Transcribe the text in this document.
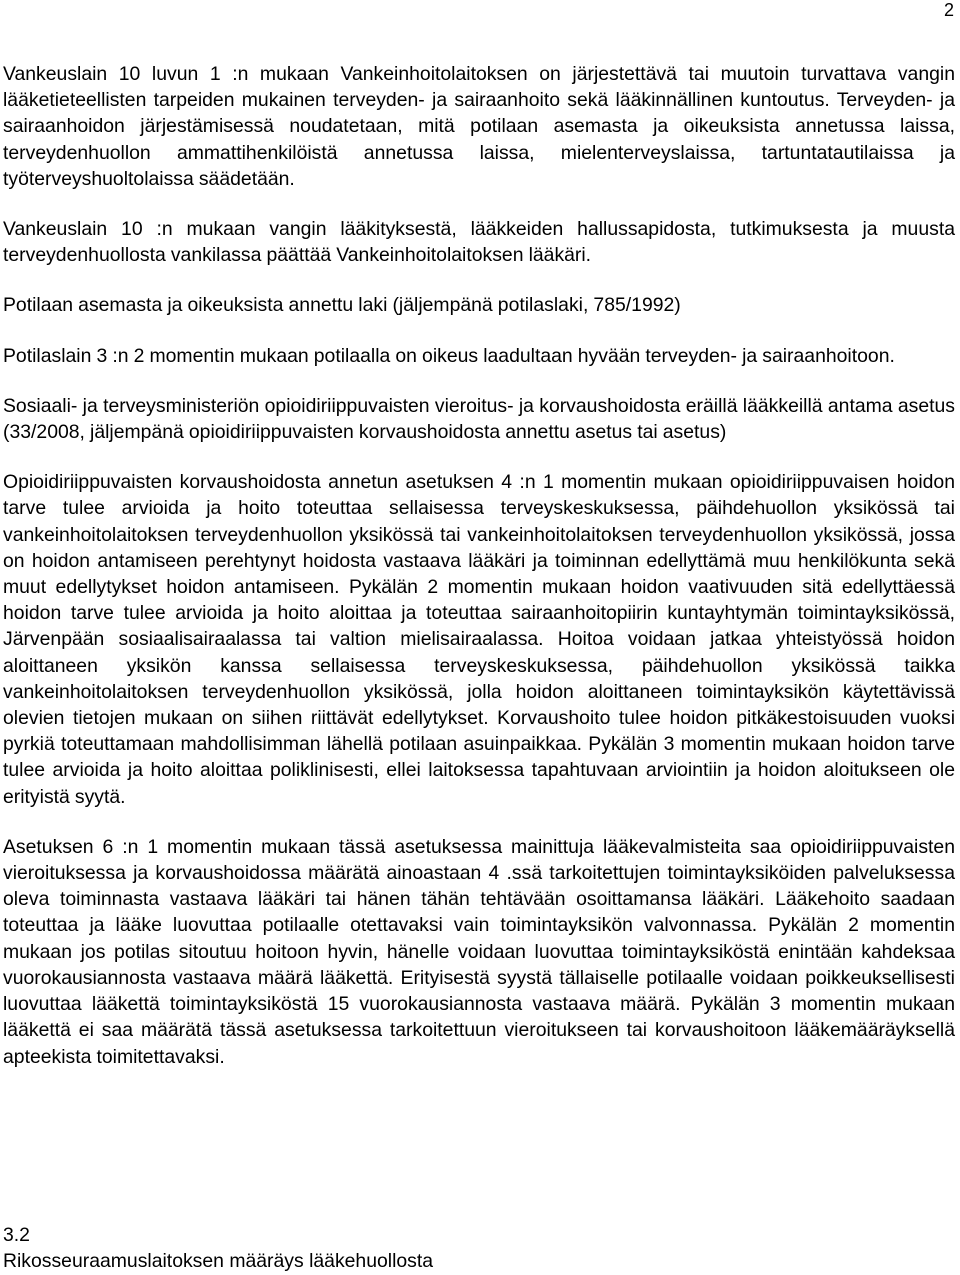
2

Vankeuslain 10 luvun 1 :n mukaan Vankeinhoitolaitoksen on järjestettävä tai muutoin turvattava vangin lääketieteellisten tarpeiden mukainen terveyden- ja sairaanhoito sekä lääkinnällinen kuntoutus. Terveyden- ja sairaanhoidon järjestämisessä noudatetaan, mitä potilaan asemasta ja oikeuksista annetussa laissa, terveydenhuollon ammattihenkilöistä annetussa laissa, mielenterveyslaissa, tartuntatautilaissa ja työterveyshuoltolaissa säädetään.

Vankeuslain 10 :n mukaan vangin lääkityksestä, lääkkeiden hallussapidosta, tutkimuksesta ja muusta terveydenhuollosta vankilassa päättää Vankeinhoitolaitoksen lääkäri.

Potilaan asemasta ja oikeuksista annettu laki (jäljempänä potilaslaki, 785/1992)

Potilaslain 3 :n 2 momentin mukaan potilaalla on oikeus laadultaan hyvään terveyden- ja sairaanhoitoon.

Sosiaali- ja terveysministeriön opioidiriippuvaisten vieroitus- ja korvaushoidosta eräillä lääkkeillä antama asetus (33/2008, jäljempänä opioidiriippuvaisten korvaushoidosta annettu asetus tai asetus)

Opioidiriippuvaisten korvaushoidosta annetun asetuksen 4 :n 1 momentin mukaan opioidiriippuvaisen hoidon tarve tulee arvioida ja hoito toteuttaa sellaisessa terveyskeskuksessa, päihdehuollon yksikössä tai vankeinhoitolaitoksen terveydenhuollon yksikössä tai vankeinhoitolaitoksen terveydenhuollon yksikössä, jossa on hoidon antamiseen perehtynyt hoidosta vastaava lääkäri ja toiminnan edellyttämä muu henkilökunta sekä muut edellytykset hoidon antamiseen. Pykälän 2 momentin mukaan hoidon vaativuuden sitä edellyttäessä hoidon tarve tulee arvioida ja hoito aloittaa ja toteuttaa sairaanhoitopiirin kuntayhtymän toimintayksikössä, Järvenpään sosiaalisairaalassa tai valtion mielisairaalassa. Hoitoa voidaan jatkaa yhteistyössä hoidon aloittaneen yksikön kanssa sellaisessa terveyskeskuksessa, päihdehuollon yksikössä taikka vankeinhoitolaitoksen terveydenhuollon yksikössä, jolla hoidon aloittaneen toimintayksikön käytettävissä olevien tietojen mukaan on siihen riittävät edellytykset. Korvaushoito tulee hoidon pitkäkestoisuuden vuoksi pyrkiä toteuttamaan mahdollisimman lähellä potilaan asuinpaikkaa. Pykälän 3 momentin mukaan hoidon tarve tulee arvioida ja hoito aloittaa poliklinisesti, ellei laitoksessa tapahtuvaan arviointiin ja hoidon aloitukseen ole erityistä syytä.

Asetuksen 6 :n 1 momentin mukaan tässä asetuksessa mainittuja lääkevalmisteita saa opioidiriippuvaisten vieroituksessa ja korvaushoidossa määrätä ainoastaan 4 .ssä tarkoitettujen toimintayksiköiden palveluksessa oleva toiminnasta vastaava lääkäri tai hänen tähän tehtävään osoittamansa lääkäri. Lääkehoito saadaan toteuttaa ja lääke luovuttaa potilaalle otettavaksi vain toimintayksikön valvonnassa. Pykälän 2 momentin mukaan jos potilas sitoutuu hoitoon hyvin, hänelle voidaan luovuttaa toimintayksiköstä enintään kahdeksaa vuorokausiannosta vastaava määrä lääkettä. Erityisestä syystä tällaiselle potilaalle voidaan poikkeuksellisesti luovuttaa lääkettä toimintayksiköstä 15 vuorokausiannosta vastaava määrä. Pykälän 3 momentin mukaan lääkettä ei saa määrätä tässä asetuksessa tarkoitettuun vieroitukseen tai korvaushoitoon lääkemääräyksellä apteekista toimitettavaksi.

3.2
Rikosseuraamuslaitoksen määräys lääkehuollosta
